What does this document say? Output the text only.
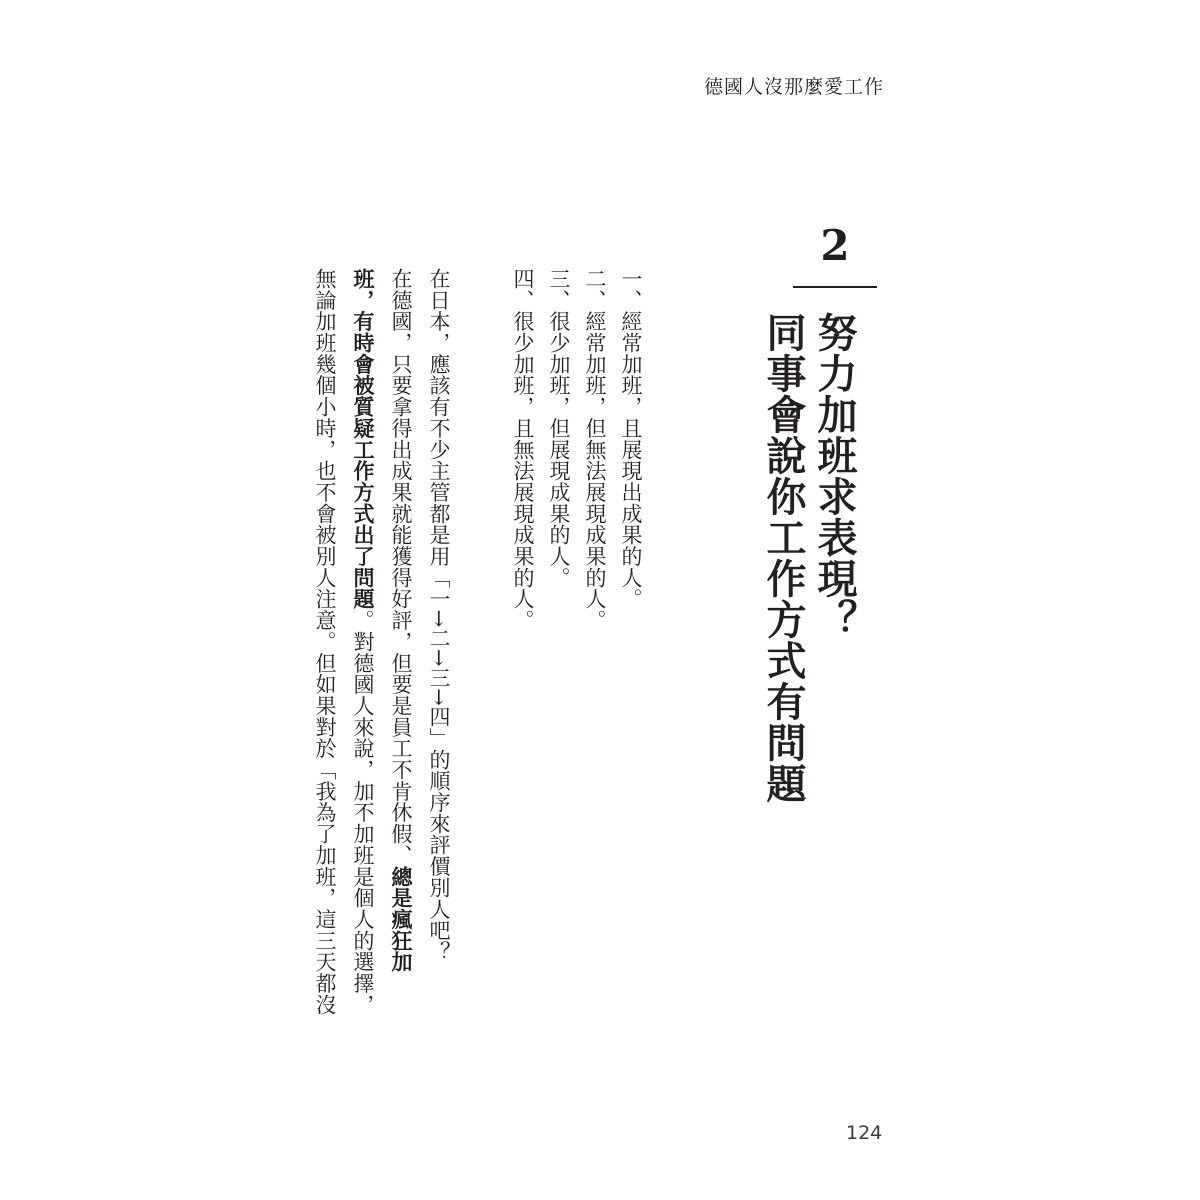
德國人沒那麼愛工作
2
努力加班求表現？
同事會說你工作方式有問題
一、經常加班，且展現出成果的人。
二、經常加班，但無法展現成果的人。
三、很少加班，但展現成果的人。
四、很少加班，且無法展現成果的人。
在日本，應該有不少主管都是用「一→二→三→四」的順序來評價別人吧？
在德國，只要拿得出成果就能獲得好評，但要是員工不肯休假、總是瘋狂加
班，有時會被質疑工作方式出了問題。對德國人來說，加不加班是個人的選擇，
無論加班幾個小時，也不會被別人注意。但如果對於「我為了加班，這三天都沒
124
